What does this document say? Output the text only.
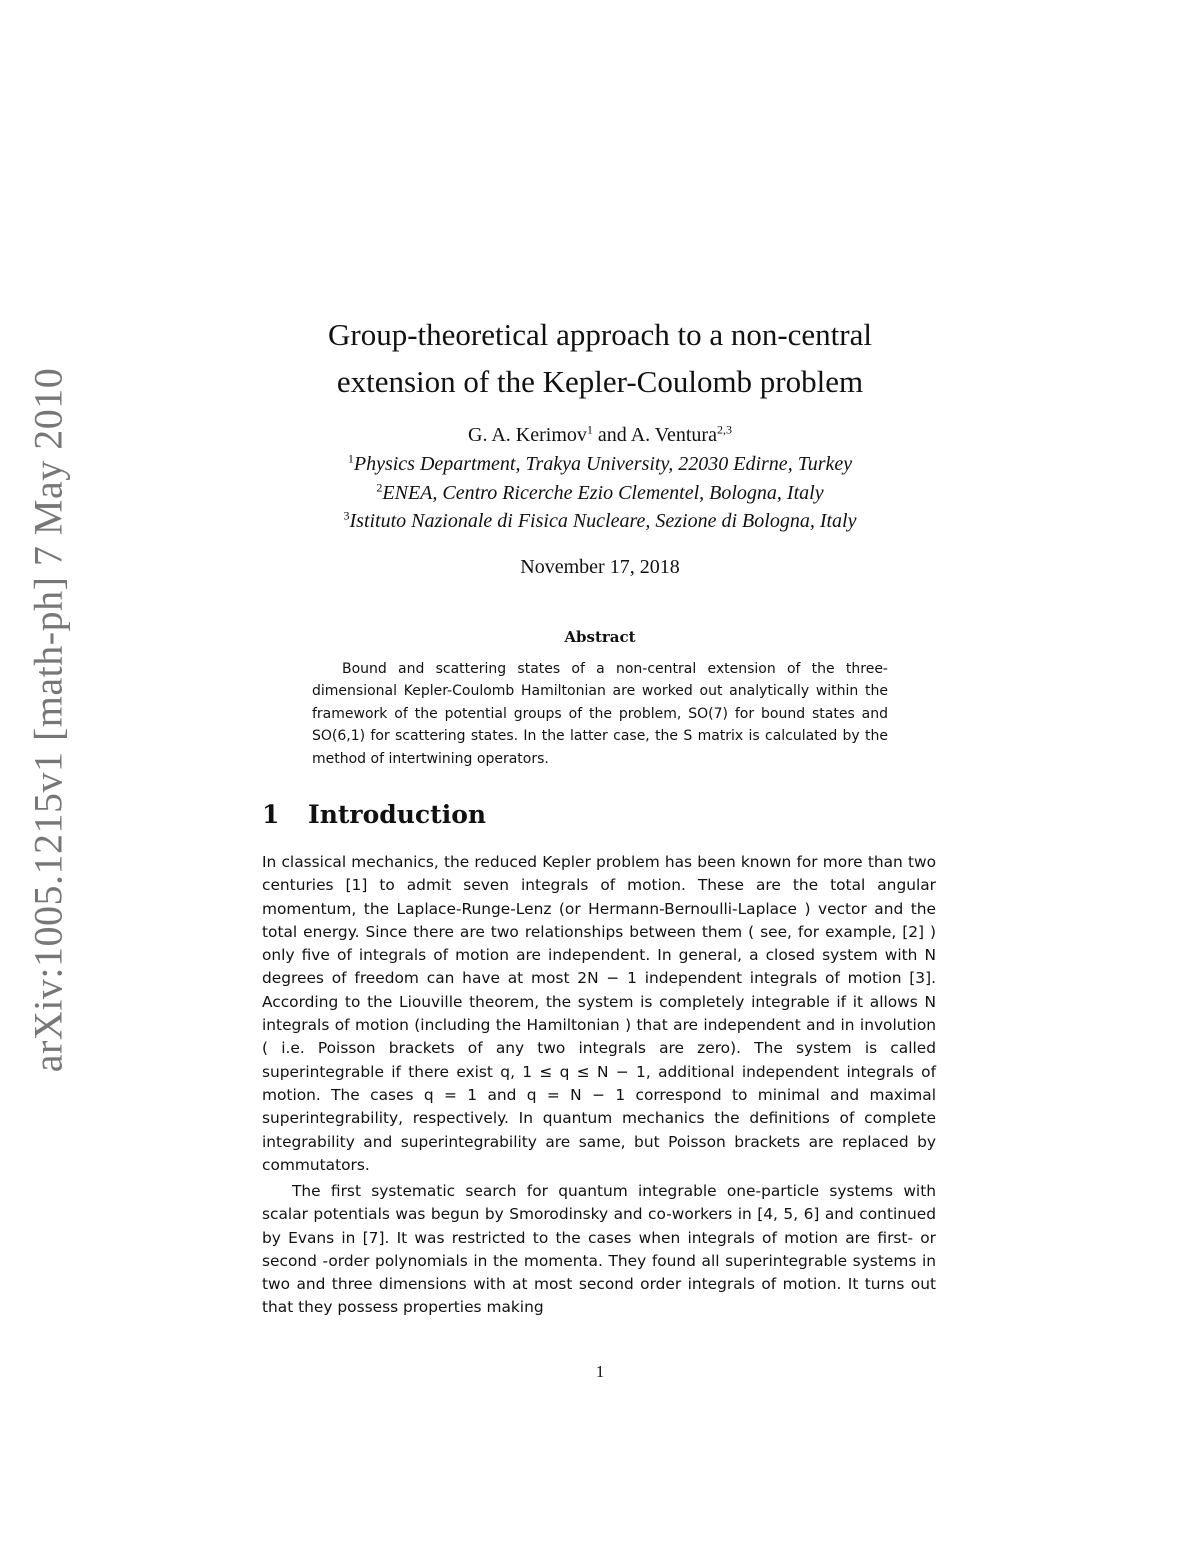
arXiv:1005.1215v1 [math-ph] 7 May 2010
Group-theoretical approach to a non-central
extension of the Kepler-Coulomb problem
G. A. Kerimov$^1$ and A. Ventura$^{2,3}$
$^1$Physics Department, Trakya University, 22030 Edirne, Turkey
$^2$ENEA, Centro Ricerche Ezio Clementel, Bologna, Italy
$^3$Istituto Nazionale di Fisica Nucleare, Sezione di Bologna, Italy
November 17, 2018
Abstract
Bound and scattering states of a non-central extension of the three-dimensional Kepler-Coulomb Hamiltonian are worked out analytically within the framework of the potential groups of the problem, SO(7) for bound states and SO(6,1) for scattering states. In the latter case, the S matrix is calculated by the method of intertwining operators.
1 Introduction

In classical mechanics, the reduced Kepler problem has been known for more than two centuries [1] to admit seven integrals of motion. These are the total angular momentum, the Laplace-Runge-Lenz (or Hermann-Bernoulli-Laplace ) vector and the total energy. Since there are two relationships between them ( see, for example, [2] ) only five of integrals of motion are independent. In general, a closed system with N degrees of freedom can have at most 2N − 1 independent integrals of motion [3]. According to the Liouville theorem, the system is completely integrable if it allows N integrals of motion (including the Hamiltonian ) that are independent and in involution ( i.e. Poisson brackets of any two integrals are zero). The system is called superintegrable if there exist q, 1 ≤ q ≤ N − 1, additional independent integrals of motion. The cases q = 1 and q = N − 1 correspond to minimal and maximal superintegrability, respectively. In quantum mechanics the definitions of complete integrability and superintegrability are same, but Poisson brackets are replaced by commutators.

The first systematic search for quantum integrable one-particle systems with scalar potentials was begun by Smorodinsky and co-workers in [4, 5, 6] and continued by Evans in [7]. It was restricted to the cases when integrals of motion are first- or second -order polynomials in the momenta. They found all superintegrable systems in two and three dimensions with at most second order integrals of motion. It turns out that they possess properties making

1
